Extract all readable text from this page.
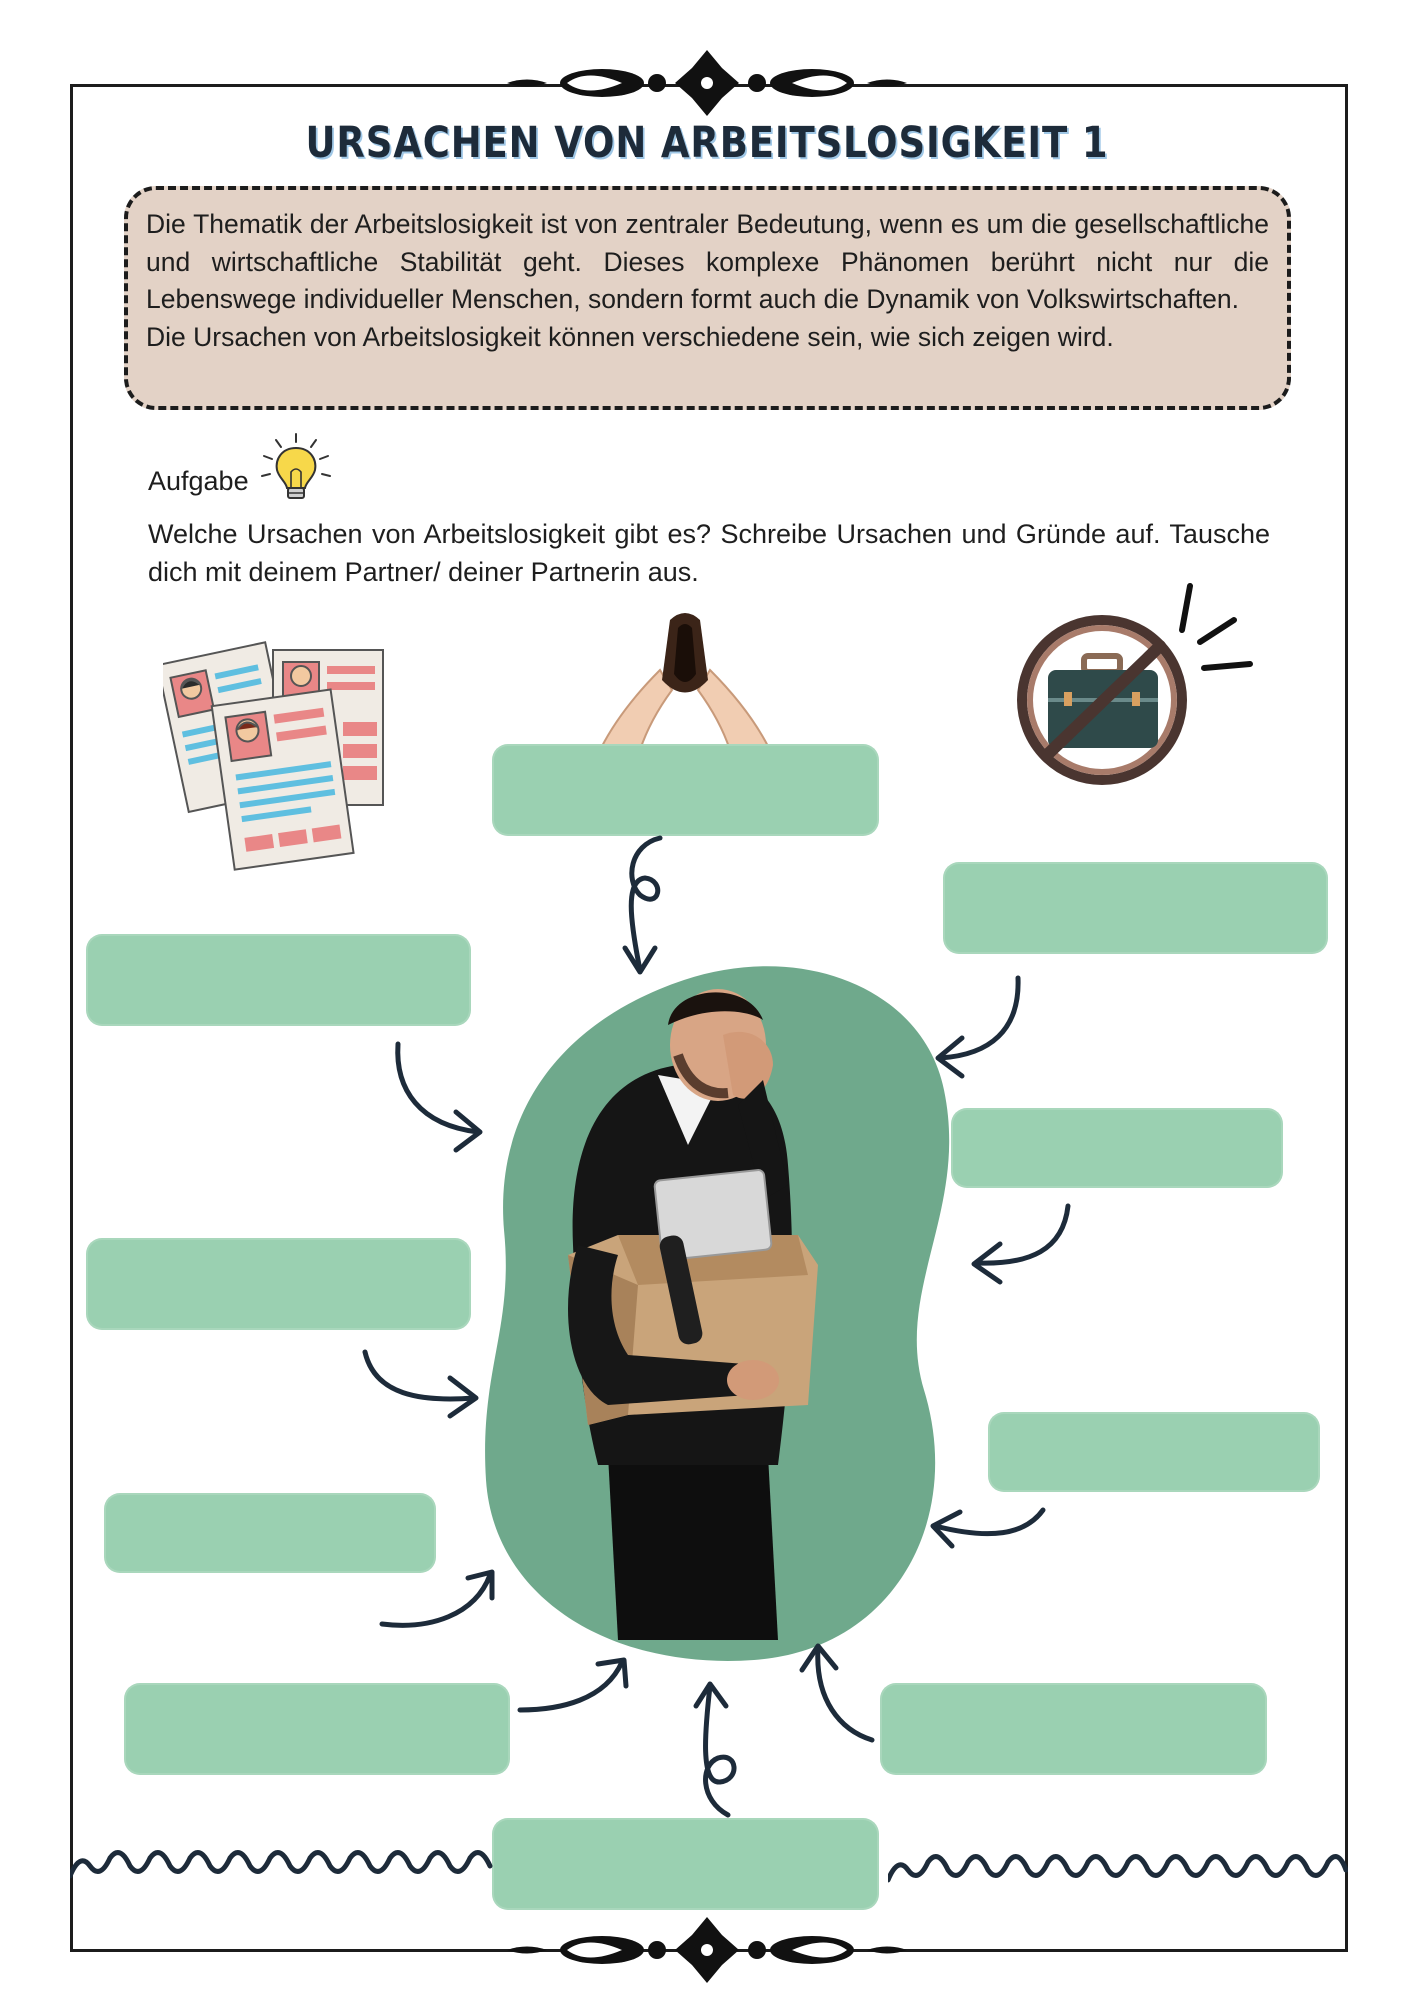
URSACHEN VON ARBEITSLOSIGKEIT 1

Die Thematik der Arbeitslosigkeit ist von zentraler Bedeutung, wenn es um die gesellschaftliche und wirtschaftliche Stabilität geht. Dieses komplexe Phänomen berührt nicht nur die Lebenswege individueller Menschen, sondern formt auch die Dynamik von Volkswirtschaften.

Die Ursachen von Arbeitslosigkeit können verschiedene sein, wie sich zeigen wird.

Aufgabe
Welche Ursachen von Arbeitslosigkeit gibt es? Schreibe Ursachen und Gründe auf. Tausche dich mit deinem Partner/ deiner Partnerin aus.
